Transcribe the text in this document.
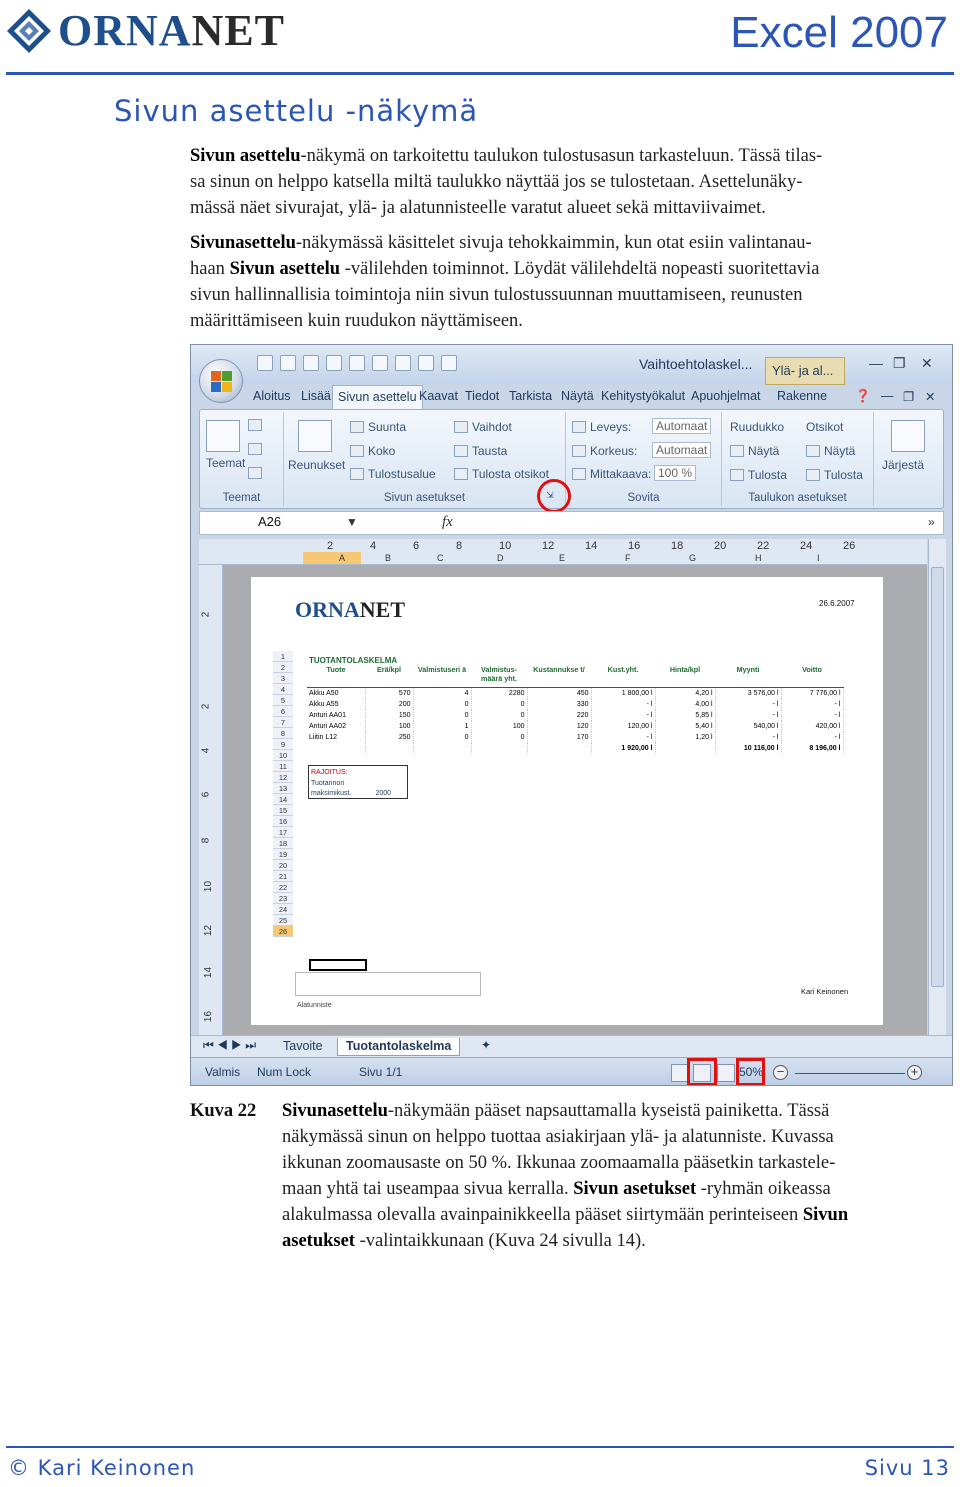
ORNANET	Excel 2007
Sivun asettelu -näkymä
Sivun asettelu-näkymä on tarkoitettu taulukon tulostusasun tarkasteluun. Tässä tilas-
sa sinun on helppo katsella miltä taulukko näyttää jos se tulostetaan. Asettelunäky-
mässä näet sivurajat, ylä- ja alatunnisteelle varatut alueet sekä mittaviivaimet.
Sivunasettelu-näkymässä käsittelet sivuja tehokkaimmin, kun otat esiin valintanau-
haan Sivun asettelu -välilehden toiminnot. Löydät välilehdeltä nopeasti suoritettavia
sivun hallinnallisia toimintoja niin sivun tulostussuunnan muuttamiseen, reunusten
määrittämiseen kuin ruudukon näyttämiseen.
Vaihtoehtolaskel...	Ylä- ja al...	— ❐ ✕
Aloitus Lisää Sivun asettelu Kaavat Tiedot Tarkista Näytä Kehitystyökalut Apuohjelmat Rakenne ❓ — ❐ ✕
Teemat
Teemat
Reunukset
Suunta
Koko
Tulostusalue
Vaihdot
Tausta
Tulosta otsikot
Sivun asetukset	⇲
Leveys:	Automaat
Korkeus:	Automaat
Mittakaava: 100 %
Sovita
Ruudukko Otsikot
Näytä	Näytä
Tulosta	Tulosta
Taulukon asetukset
Järjestä
A26	▼	fx	»
2	4	6	8	10	12	14	16	18	20	22	24	26
A	B	C	D	E	F	G	H	I
2
2
4
6
8
10
12
14
16
1
2
3
4
5
6
7
8
9
10
11
12
13
14
15
16
17
18
19
20
21
22
23
24
25
26
ORNANET	26.6.2007
TUOTANTOLASKELMA
Tuote	Erä/kpl	Valmistuseri ä	Valmistus-määrä yht.	Kustannukse t/	Kust.yht.	Hinta/kpl	Myynti	Voitto
Akku A50	570	4	2280	450	1 800,00 l	4,20 l	3 576,00 l	7 776,00 l
Akku A55	200	0	0	330	- l	4,00 l	- l	- l
Anturi AA01	150	0	0	220	- l	5,85 l	- l	- l
Anturi AA02	100	1	100	120	120,00 l	5,40 l	540,00 l	420,00 l
Liitin L12	250	0	0	170	- l	1,20 l	- l	- l
					1 920,00 l		10 116,00 l	8 196,00 l
RAJOITUS:
Tuotannon
maksimikust.	2000
Alatunniste
Kari Keinonen
⏮ ◀ ▶ ⏭	Tavoite	Tuotantolaskelma	✦
Valmis Num Lock	Sivu 1/1	50% −	+
Kuva 22	Sivunasettelu-näkymään pääset napsauttamalla kyseistä painiketta. Tässä
näkymässä sinun on helppo tuottaa asiakirjaan ylä- ja alatunniste. Kuvassa
ikkunan zoomausaste on 50 %. Ikkunaa zoomaamalla pääsetkin tarkastele-
maan yhtä tai useampaa sivua kerralla. Sivun asetukset -ryhmän oikeassa
alakulmassa olevalla avainpainikkeella pääset siirtymään perinteiseen Sivun
asetukset -valintaikkunaan (Kuva 24 sivulla 14).
© Kari Keinonen	Sivu 13
